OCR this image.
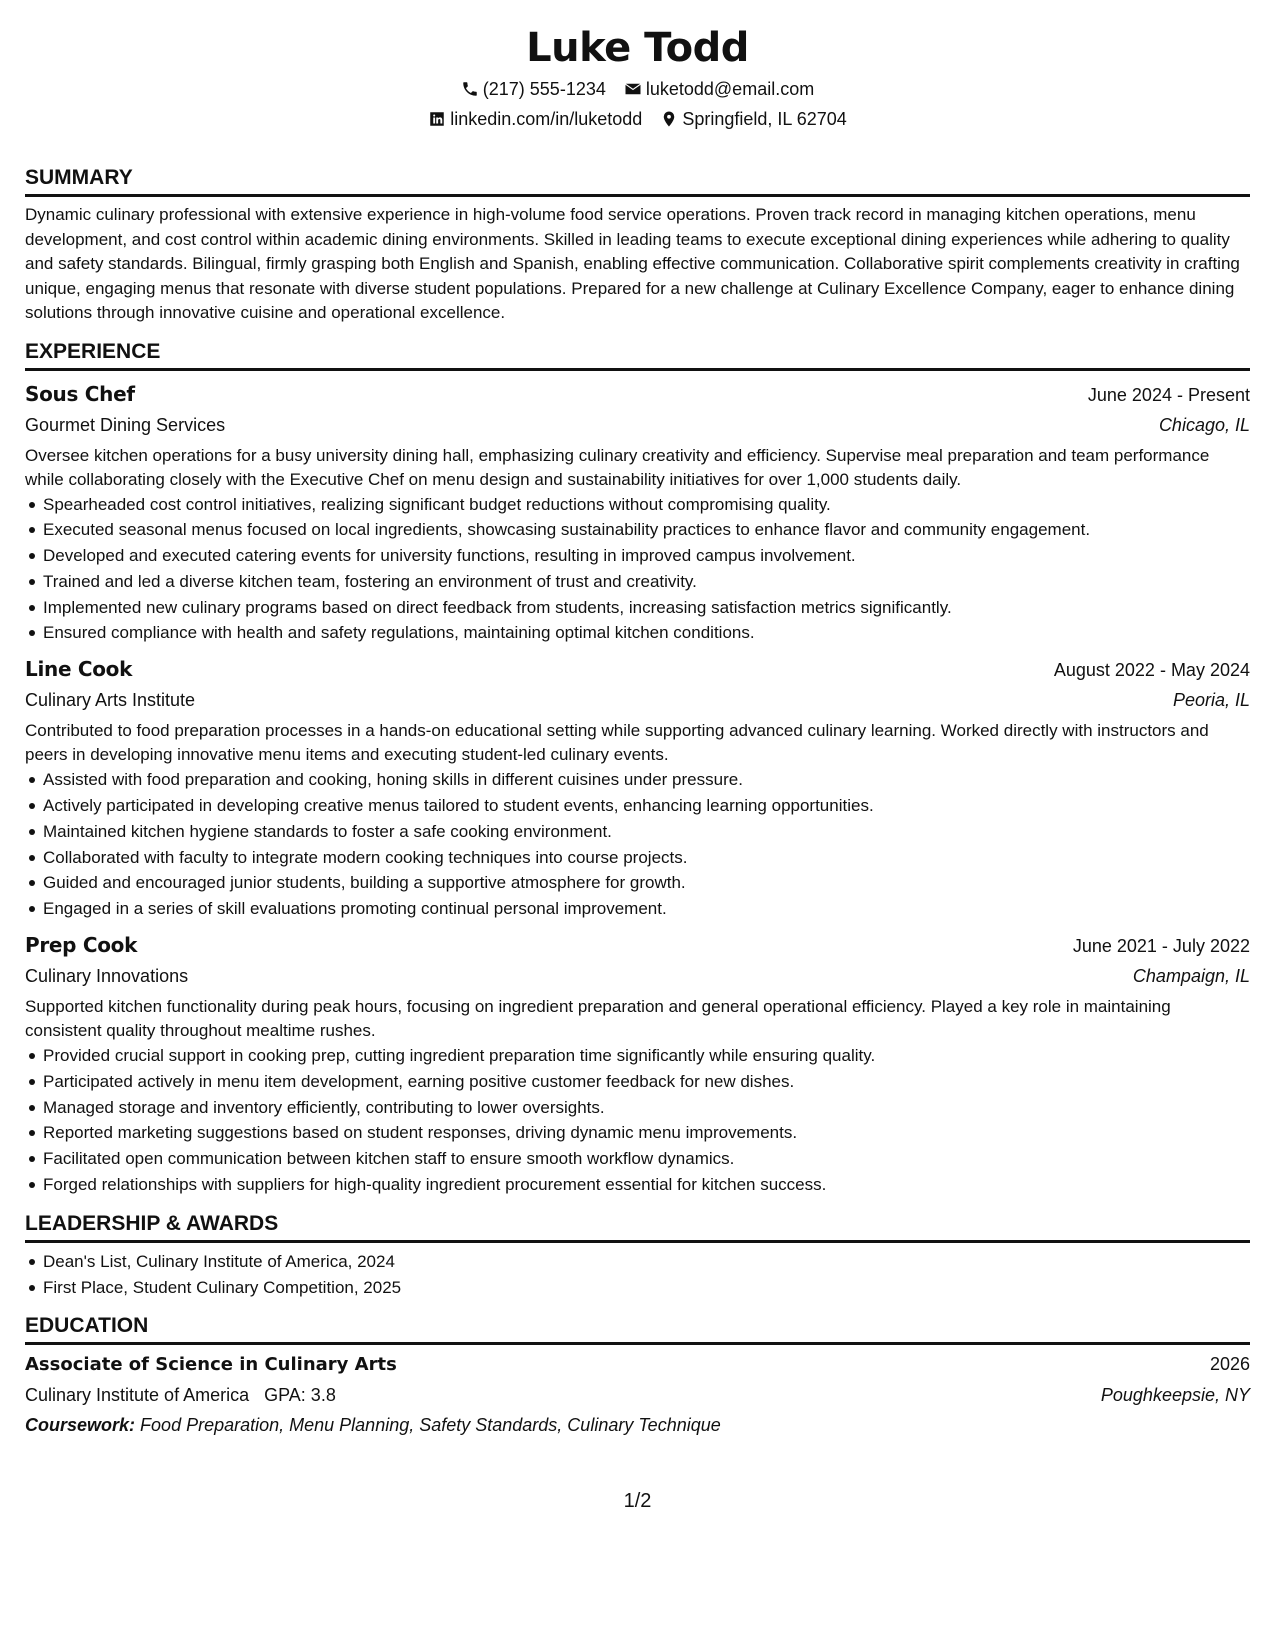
Luke Todd
(217) 555-1234 luketodd@email.com
linkedin.com/in/luketodd Springfield, IL 62704
SUMMARY
Dynamic culinary professional with extensive experience in high-volume food service operations. Proven track record in managing kitchen operations, menu development, and cost control within academic dining environments. Skilled in leading teams to execute exceptional dining experiences while adhering to quality and safety standards. Bilingual, firmly grasping both English and Spanish, enabling effective communication. Collaborative spirit complements creativity in crafting unique, engaging menus that resonate with diverse student populations. Prepared for a new challenge at Culinary Excellence Company, eager to enhance dining solutions through innovative cuisine and operational excellence.
EXPERIENCE
Sous Chef	June 2024 - Present
Gourmet Dining Services	Chicago, IL
Oversee kitchen operations for a busy university dining hall, emphasizing culinary creativity and efficiency. Supervise meal preparation and team performance while collaborating closely with the Executive Chef on menu design and sustainability initiatives for over 1,000 students daily.
Spearheaded cost control initiatives, realizing significant budget reductions without compromising quality.
Executed seasonal menus focused on local ingredients, showcasing sustainability practices to enhance flavor and community engagement.
Developed and executed catering events for university functions, resulting in improved campus involvement.
Trained and led a diverse kitchen team, fostering an environment of trust and creativity.
Implemented new culinary programs based on direct feedback from students, increasing satisfaction metrics significantly.
Ensured compliance with health and safety regulations, maintaining optimal kitchen conditions.
Line Cook	August 2022 - May 2024
Culinary Arts Institute	Peoria, IL
Contributed to food preparation processes in a hands-on educational setting while supporting advanced culinary learning. Worked directly with instructors and peers in developing innovative menu items and executing student-led culinary events.
Assisted with food preparation and cooking, honing skills in different cuisines under pressure.
Actively participated in developing creative menus tailored to student events, enhancing learning opportunities.
Maintained kitchen hygiene standards to foster a safe cooking environment.
Collaborated with faculty to integrate modern cooking techniques into course projects.
Guided and encouraged junior students, building a supportive atmosphere for growth.
Engaged in a series of skill evaluations promoting continual personal improvement.
Prep Cook	June 2021 - July 2022
Culinary Innovations	Champaign, IL
Supported kitchen functionality during peak hours, focusing on ingredient preparation and general operational efficiency. Played a key role in maintaining consistent quality throughout mealtime rushes.
Provided crucial support in cooking prep, cutting ingredient preparation time significantly while ensuring quality.
Participated actively in menu item development, earning positive customer feedback for new dishes.
Managed storage and inventory efficiently, contributing to lower oversights.
Reported marketing suggestions based on student responses, driving dynamic menu improvements.
Facilitated open communication between kitchen staff to ensure smooth workflow dynamics.
Forged relationships with suppliers for high-quality ingredient procurement essential for kitchen success.
LEADERSHIP & AWARDS
Dean's List, Culinary Institute of America, 2024
First Place, Student Culinary Competition, 2025
EDUCATION
Associate of Science in Culinary Arts	2026
Culinary Institute of America GPA: 3.8	Poughkeepsie, NY
Coursework: Food Preparation, Menu Planning, Safety Standards, Culinary Technique
1/2
